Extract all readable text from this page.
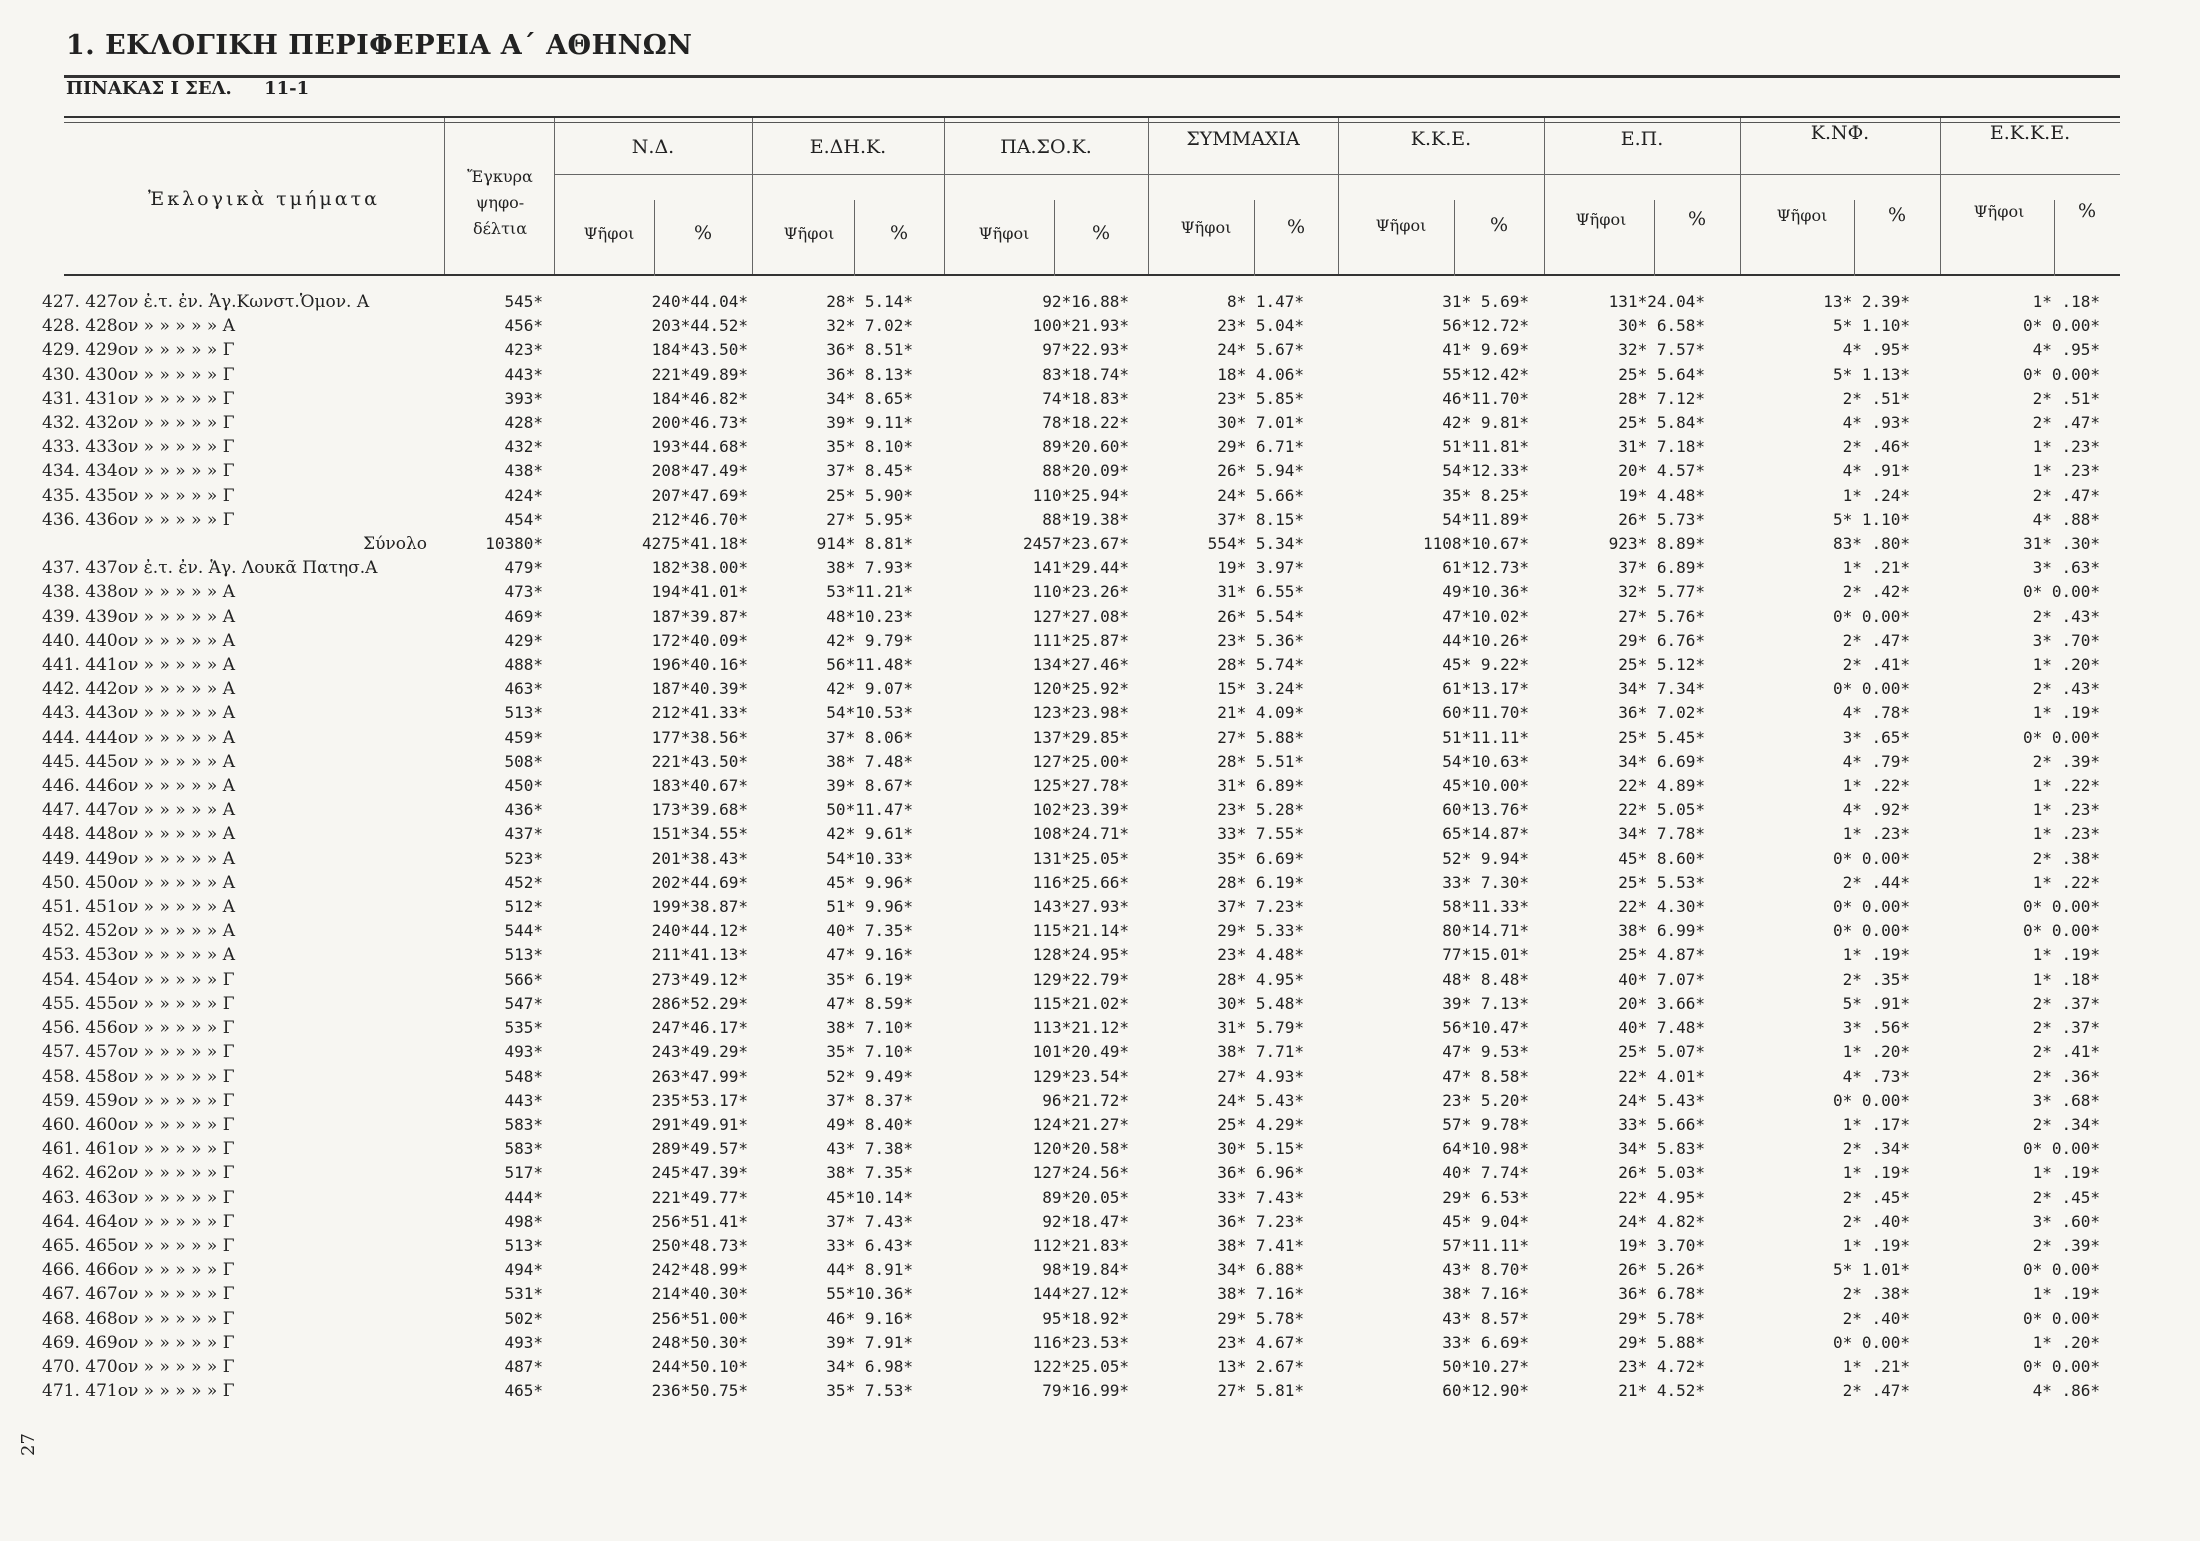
1. ΕΚΛΟΓΙΚΗ ΠΕΡΙΦΕΡΕΙΑ Α΄ ΑΘΗΝΩΝ
ΠΙΝΑΚΑΣ Ι ΣΕΛ. 11-1
27
Ἐκλογικὰ τμήματα
Ἔγκυρα ψηφο- δέλτια
Ν.Δ.	Ε.ΔΗ.Κ.	ΠΑ.ΣΟ.Κ.	ΣΥΜΜΑΧΙΑ	Κ.Κ.Ε.	Ε.Π.	Κ.ΝΦ.	Ε.Κ.Κ.Ε.
Ψῆφοι	%	Ψῆφοι	%	Ψῆφοι	%	Ψῆφοι	%	Ψῆφοι	%	Ψῆφοι	%	Ψῆφοι	%	Ψῆφοι	%
427. 427ον ἐ.τ. ἐν. Ἁγ.Κωνστ.Ὁμον. Α	545*	240*44.04*	28* 5.14*	92*16.88*	8* 1.47*	31* 5.69*	131*24.04*	13* 2.39*	1* .18*
428. 428ον » » » » » Α	456*	203*44.52*	32* 7.02*	100*21.93*	23* 5.04*	56*12.72*	30* 6.58*	5* 1.10*	0* 0.00*
429. 429ον » » » » » Γ	423*	184*43.50*	36* 8.51*	97*22.93*	24* 5.67*	41* 9.69*	32* 7.57*	4* .95*	4* .95*
430. 430ον » » » » » Γ	443*	221*49.89*	36* 8.13*	83*18.74*	18* 4.06*	55*12.42*	25* 5.64*	5* 1.13*	0* 0.00*
431. 431ον » » » » » Γ	393*	184*46.82*	34* 8.65*	74*18.83*	23* 5.85*	46*11.70*	28* 7.12*	2* .51*	2* .51*
432. 432ον » » » » » Γ	428*	200*46.73*	39* 9.11*	78*18.22*	30* 7.01*	42* 9.81*	25* 5.84*	4* .93*	2* .47*
433. 433ον » » » » » Γ	432*	193*44.68*	35* 8.10*	89*20.60*	29* 6.71*	51*11.81*	31* 7.18*	2* .46*	1* .23*
434. 434ον » » » » » Γ	438*	208*47.49*	37* 8.45*	88*20.09*	26* 5.94*	54*12.33*	20* 4.57*	4* .91*	1* .23*
435. 435ον » » » » » Γ	424*	207*47.69*	25* 5.90*	110*25.94*	24* 5.66*	35* 8.25*	19* 4.48*	1* .24*	2* .47*
436. 436ον » » » » » Γ	454*	212*46.70*	27* 5.95*	88*19.38*	37* 8.15*	54*11.89*	26* 5.73*	5* 1.10*	4* .88*
Σύνολο	10380*	4275*41.18*	914* 8.81*	2457*23.67*	554* 5.34*	1108*10.67*	923* 8.89*	83* .80*	31* .30*
437. 437ον ἐ.τ. ἐν. Ἁγ. Λουκᾶ Πατησ.Α	479*	182*38.00*	38* 7.93*	141*29.44*	19* 3.97*	61*12.73*	37* 6.89*	1* .21*	3* .63*
438. 438ον » » » » » Α	473*	194*41.01*	53*11.21*	110*23.26*	31* 6.55*	49*10.36*	32* 5.77*	2* .42*	0* 0.00*
439. 439ον » » » » » Α	469*	187*39.87*	48*10.23*	127*27.08*	26* 5.54*	47*10.02*	27* 5.76*	0* 0.00*	2* .43*
440. 440ον » » » » » Α	429*	172*40.09*	42* 9.79*	111*25.87*	23* 5.36*	44*10.26*	29* 6.76*	2* .47*	3* .70*
441. 441ον » » » » » Α	488*	196*40.16*	56*11.48*	134*27.46*	28* 5.74*	45* 9.22*	25* 5.12*	2* .41*	1* .20*
442. 442ον » » » » » Α	463*	187*40.39*	42* 9.07*	120*25.92*	15* 3.24*	61*13.17*	34* 7.34*	0* 0.00*	2* .43*
443. 443ον » » » » » Α	513*	212*41.33*	54*10.53*	123*23.98*	21* 4.09*	60*11.70*	36* 7.02*	4* .78*	1* .19*
444. 444ον » » » » » Α	459*	177*38.56*	37* 8.06*	137*29.85*	27* 5.88*	51*11.11*	25* 5.45*	3* .65*	0* 0.00*
445. 445ον » » » » » Α	508*	221*43.50*	38* 7.48*	127*25.00*	28* 5.51*	54*10.63*	34* 6.69*	4* .79*	2* .39*
446. 446ον » » » » » Α	450*	183*40.67*	39* 8.67*	125*27.78*	31* 6.89*	45*10.00*	22* 4.89*	1* .22*	1* .22*
447. 447ον » » » » » Α	436*	173*39.68*	50*11.47*	102*23.39*	23* 5.28*	60*13.76*	22* 5.05*	4* .92*	1* .23*
448. 448ον » » » » » Α	437*	151*34.55*	42* 9.61*	108*24.71*	33* 7.55*	65*14.87*	34* 7.78*	1* .23*	1* .23*
449. 449ον » » » » » Α	523*	201*38.43*	54*10.33*	131*25.05*	35* 6.69*	52* 9.94*	45* 8.60*	0* 0.00*	2* .38*
450. 450ον » » » » » Α	452*	202*44.69*	45* 9.96*	116*25.66*	28* 6.19*	33* 7.30*	25* 5.53*	2* .44*	1* .22*
451. 451ον » » » » » Α	512*	199*38.87*	51* 9.96*	143*27.93*	37* 7.23*	58*11.33*	22* 4.30*	0* 0.00*	0* 0.00*
452. 452ον » » » » » Α	544*	240*44.12*	40* 7.35*	115*21.14*	29* 5.33*	80*14.71*	38* 6.99*	0* 0.00*	0* 0.00*
453. 453ον » » » » » Α	513*	211*41.13*	47* 9.16*	128*24.95*	23* 4.48*	77*15.01*	25* 4.87*	1* .19*	1* .19*
454. 454ον » » » » » Γ	566*	273*49.12*	35* 6.19*	129*22.79*	28* 4.95*	48* 8.48*	40* 7.07*	2* .35*	1* .18*
455. 455ον » » » » » Γ	547*	286*52.29*	47* 8.59*	115*21.02*	30* 5.48*	39* 7.13*	20* 3.66*	5* .91*	2* .37*
456. 456ον » » » » » Γ	535*	247*46.17*	38* 7.10*	113*21.12*	31* 5.79*	56*10.47*	40* 7.48*	3* .56*	2* .37*
457. 457ον » » » » » Γ	493*	243*49.29*	35* 7.10*	101*20.49*	38* 7.71*	47* 9.53*	25* 5.07*	1* .20*	2* .41*
458. 458ον » » » » » Γ	548*	263*47.99*	52* 9.49*	129*23.54*	27* 4.93*	47* 8.58*	22* 4.01*	4* .73*	2* .36*
459. 459ον » » » » » Γ	443*	235*53.17*	37* 8.37*	96*21.72*	24* 5.43*	23* 5.20*	24* 5.43*	0* 0.00*	3* .68*
460. 460ον » » » » » Γ	583*	291*49.91*	49* 8.40*	124*21.27*	25* 4.29*	57* 9.78*	33* 5.66*	1* .17*	2* .34*
461. 461ον » » » » » Γ	583*	289*49.57*	43* 7.38*	120*20.58*	30* 5.15*	64*10.98*	34* 5.83*	2* .34*	0* 0.00*
462. 462ον » » » » » Γ	517*	245*47.39*	38* 7.35*	127*24.56*	36* 6.96*	40* 7.74*	26* 5.03*	1* .19*	1* .19*
463. 463ον » » » » » Γ	444*	221*49.77*	45*10.14*	89*20.05*	33* 7.43*	29* 6.53*	22* 4.95*	2* .45*	2* .45*
464. 464ον » » » » » Γ	498*	256*51.41*	37* 7.43*	92*18.47*	36* 7.23*	45* 9.04*	24* 4.82*	2* .40*	3* .60*
465. 465ον » » » » » Γ	513*	250*48.73*	33* 6.43*	112*21.83*	38* 7.41*	57*11.11*	19* 3.70*	1* .19*	2* .39*
466. 466ον » » » » » Γ	494*	242*48.99*	44* 8.91*	98*19.84*	34* 6.88*	43* 8.70*	26* 5.26*	5* 1.01*	0* 0.00*
467. 467ον » » » » » Γ	531*	214*40.30*	55*10.36*	144*27.12*	38* 7.16*	38* 7.16*	36* 6.78*	2* .38*	1* .19*
468. 468ον » » » » » Γ	502*	256*51.00*	46* 9.16*	95*18.92*	29* 5.78*	43* 8.57*	29* 5.78*	2* .40*	0* 0.00*
469. 469ον » » » » » Γ	493*	248*50.30*	39* 7.91*	116*23.53*	23* 4.67*	33* 6.69*	29* 5.88*	0* 0.00*	1* .20*
470. 470ον » » » » » Γ	487*	244*50.10*	34* 6.98*	122*25.05*	13* 2.67*	50*10.27*	23* 4.72*	1* .21*	0* 0.00*
471. 471ον » » » » » Γ	465*	236*50.75*	35* 7.53*	79*16.99*	27* 5.81*	60*12.90*	21* 4.52*	2* .47*	4* .86*
